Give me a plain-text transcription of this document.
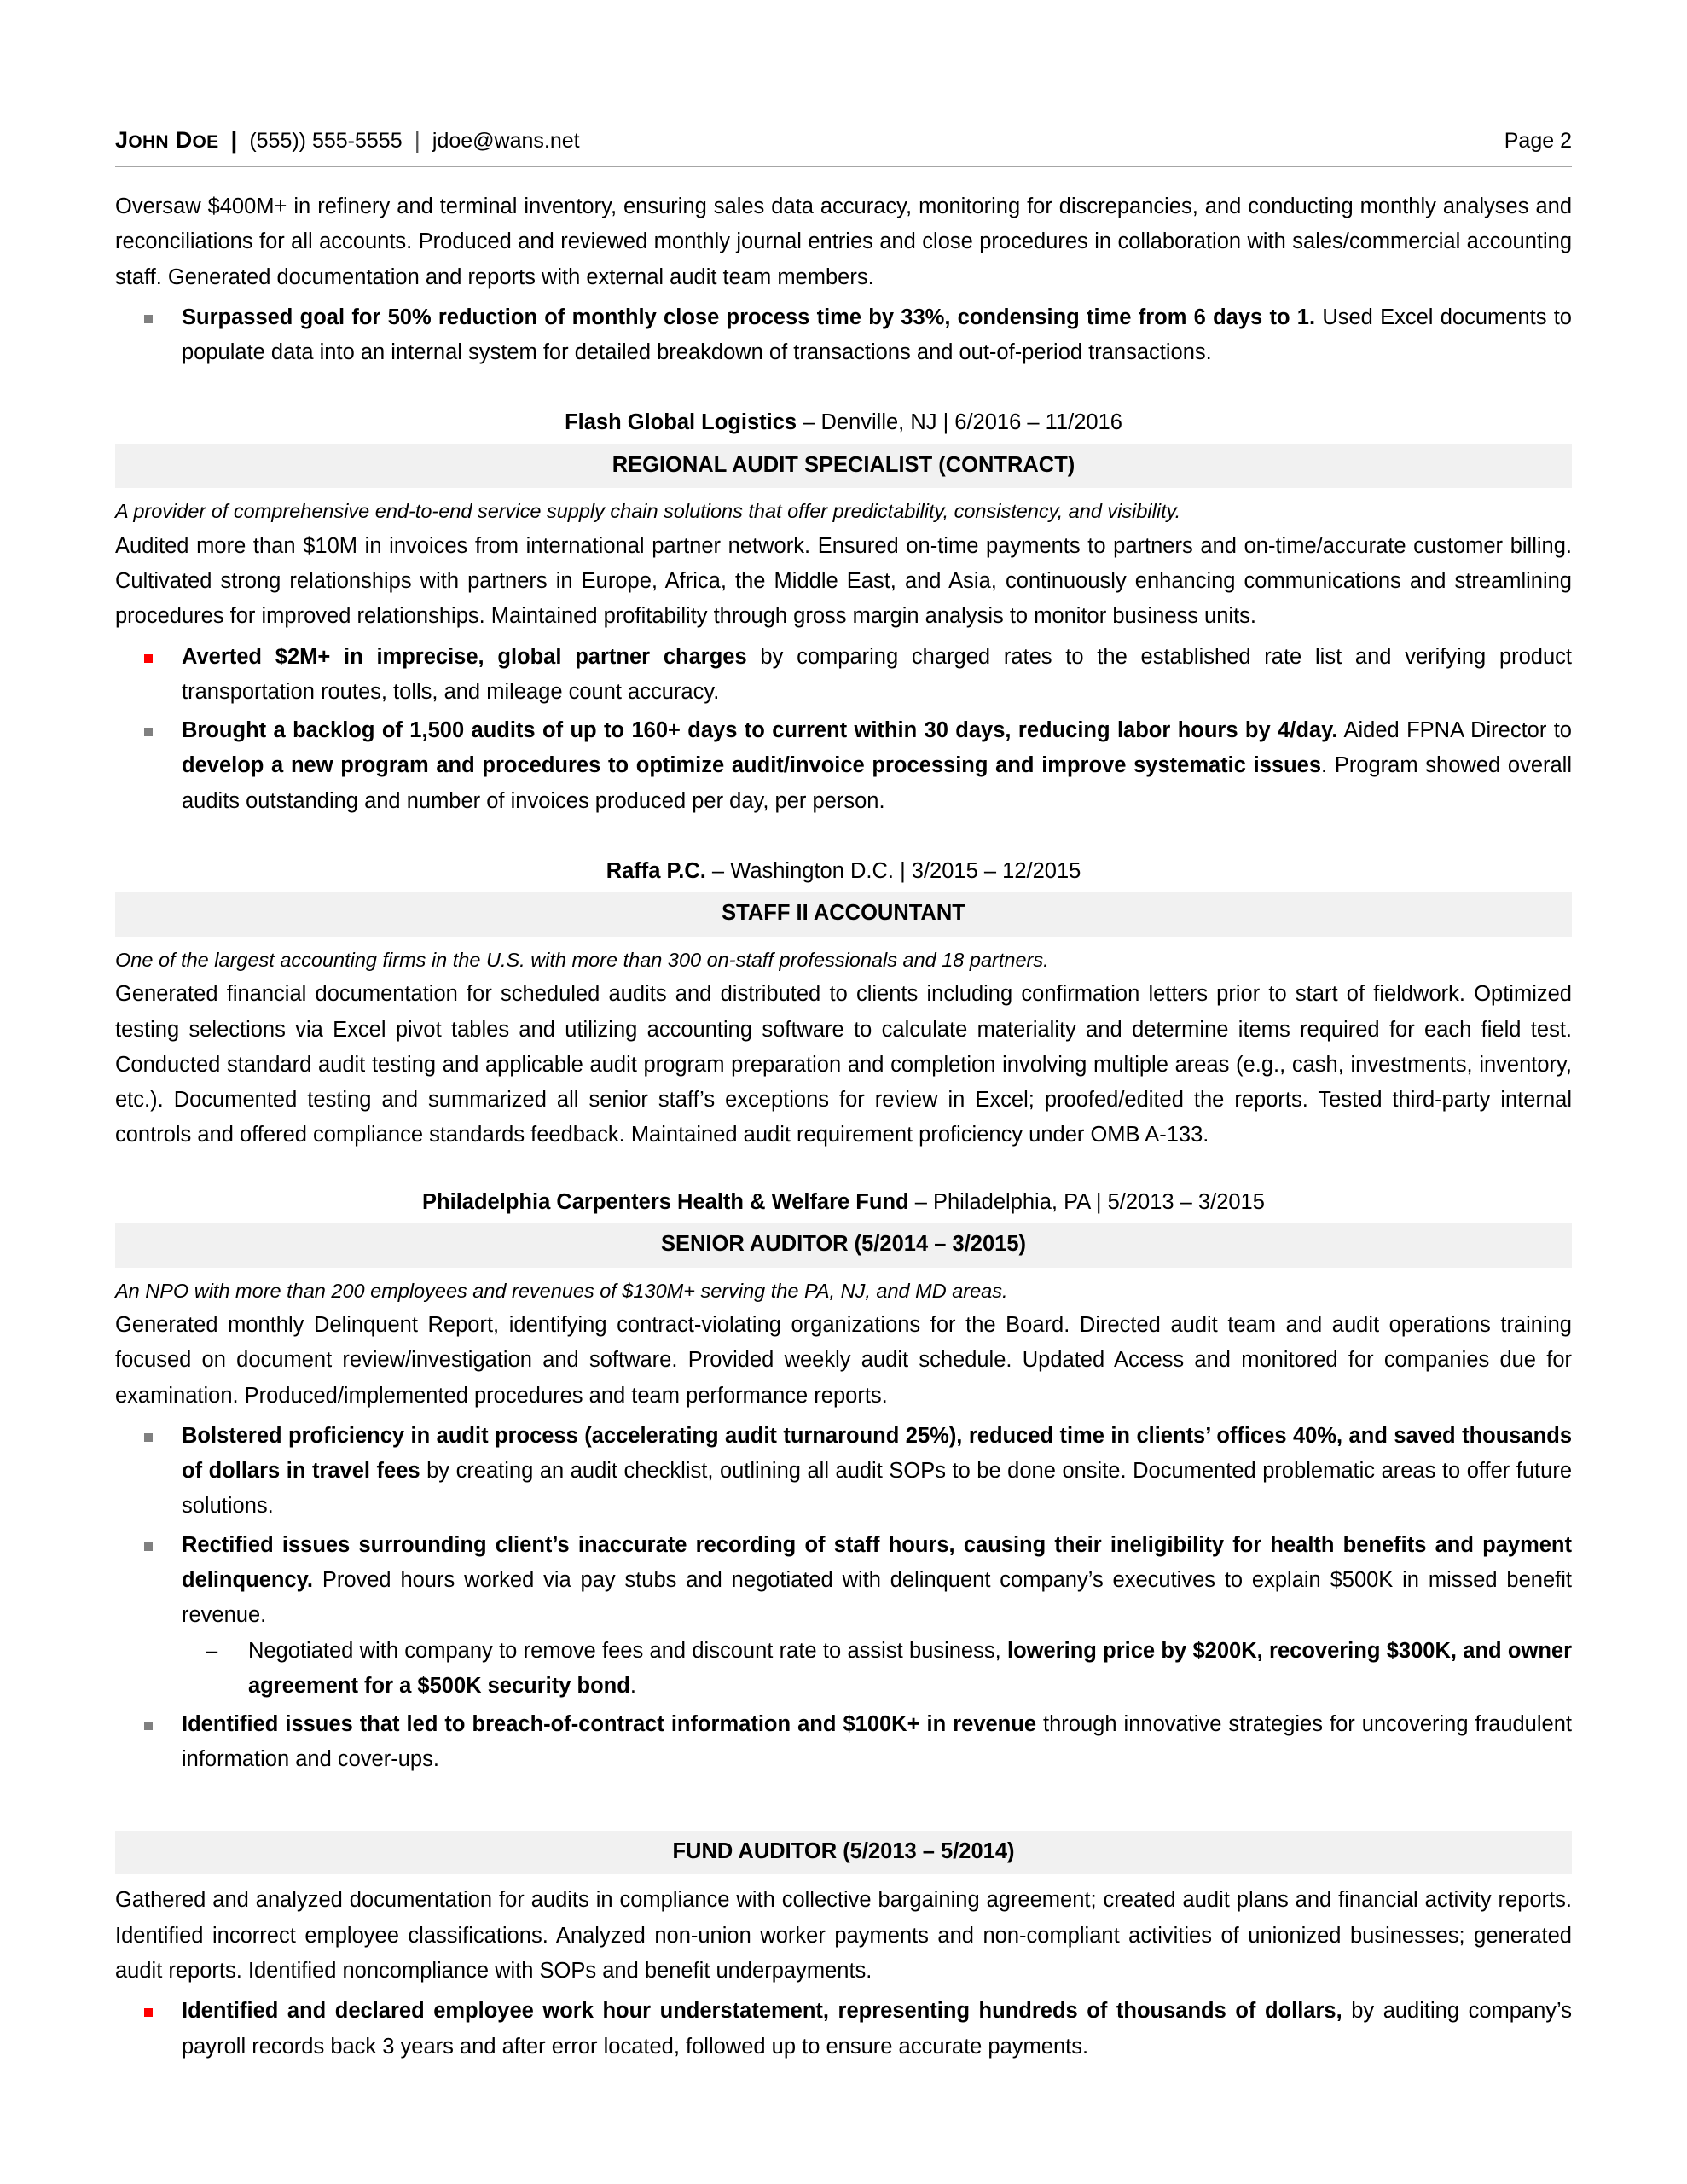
JOHN DOE | (555)) 555-5555 | jdoe@wans.net	Page 2

Oversaw $400M+ in refinery and terminal inventory, ensuring sales data accuracy, monitoring for discrepancies, and conducting monthly analyses and reconciliations for all accounts. Produced and reviewed monthly journal entries and close procedures in collaboration with sales/commercial accounting staff. Generated documentation and reports with external audit team members.

Surpassed goal for 50% reduction of monthly close process time by 33%, condensing time from 6 days to 1. Used Excel documents to populate data into an internal system for detailed breakdown of transactions and out-of-period transactions.

Flash Global Logistics – Denville, NJ | 6/2016 – 11/2016

REGIONAL AUDIT SPECIALIST (CONTRACT)

A provider of comprehensive end-to-end service supply chain solutions that offer predictability, consistency, and visibility.

Audited more than $10M in invoices from international partner network. Ensured on-time payments to partners and on-time/accurate customer billing. Cultivated strong relationships with partners in Europe, Africa, the Middle East, and Asia, continuously enhancing communications and streamlining procedures for improved relationships. Maintained profitability through gross margin analysis to monitor business units.

Averted $2M+ in imprecise, global partner charges by comparing charged rates to the established rate list and verifying product transportation routes, tolls, and mileage count accuracy.
Brought a backlog of 1,500 audits of up to 160+ days to current within 30 days, reducing labor hours by 4/day. Aided FPNA Director to develop a new program and procedures to optimize audit/invoice processing and improve systematic issues. Program showed overall audits outstanding and number of invoices produced per day, per person.

Raffa P.C. – Washington D.C. | 3/2015 – 12/2015

STAFF II ACCOUNTANT

One of the largest accounting firms in the U.S. with more than 300 on-staff professionals and 18 partners.

Generated financial documentation for scheduled audits and distributed to clients including confirmation letters prior to start of fieldwork. Optimized testing selections via Excel pivot tables and utilizing accounting software to calculate materiality and determine items required for each field test. Conducted standard audit testing and applicable audit program preparation and completion involving multiple areas (e.g., cash, investments, inventory, etc.). Documented testing and summarized all senior staff’s exceptions for review in Excel; proofed/edited the reports. Tested third-party internal controls and offered compliance standards feedback. Maintained audit requirement proficiency under OMB A-133.

Philadelphia Carpenters Health & Welfare Fund – Philadelphia, PA | 5/2013 – 3/2015

SENIOR AUDITOR (5/2014 – 3/2015)

An NPO with more than 200 employees and revenues of $130M+ serving the PA, NJ, and MD areas.

Generated monthly Delinquent Report, identifying contract-violating organizations for the Board. Directed audit team and audit operations training focused on document review/investigation and software. Provided weekly audit schedule. Updated Access and monitored for companies due for examination. Produced/implemented procedures and team performance reports.

Bolstered proficiency in audit process (accelerating audit turnaround 25%), reduced time in clients’ offices 40%, and saved thousands of dollars in travel fees by creating an audit checklist, outlining all audit SOPs to be done onsite. Documented problematic areas to offer future solutions.
Rectified issues surrounding client’s inaccurate recording of staff hours, causing their ineligibility for health benefits and payment delinquency. Proved hours worked via pay stubs and negotiated with delinquent company’s executives to explain $500K in missed benefit revenue.
– Negotiated with company to remove fees and discount rate to assist business, lowering price by $200K, recovering $300K, and owner agreement for a $500K security bond.
Identified issues that led to breach-of-contract information and $100K+ in revenue through innovative strategies for uncovering fraudulent information and cover-ups.
FUND AUDITOR (5/2013 – 5/2014)

Gathered and analyzed documentation for audits in compliance with collective bargaining agreement; created audit plans and financial activity reports. Identified incorrect employee classifications. Analyzed non-union worker payments and non-compliant activities of unionized businesses; generated audit reports. Identified noncompliance with SOPs and benefit underpayments.

Identified and declared employee work hour understatement, representing hundreds of thousands of dollars, by auditing company’s payroll records back 3 years and after error located, followed up to ensure accurate payments.
